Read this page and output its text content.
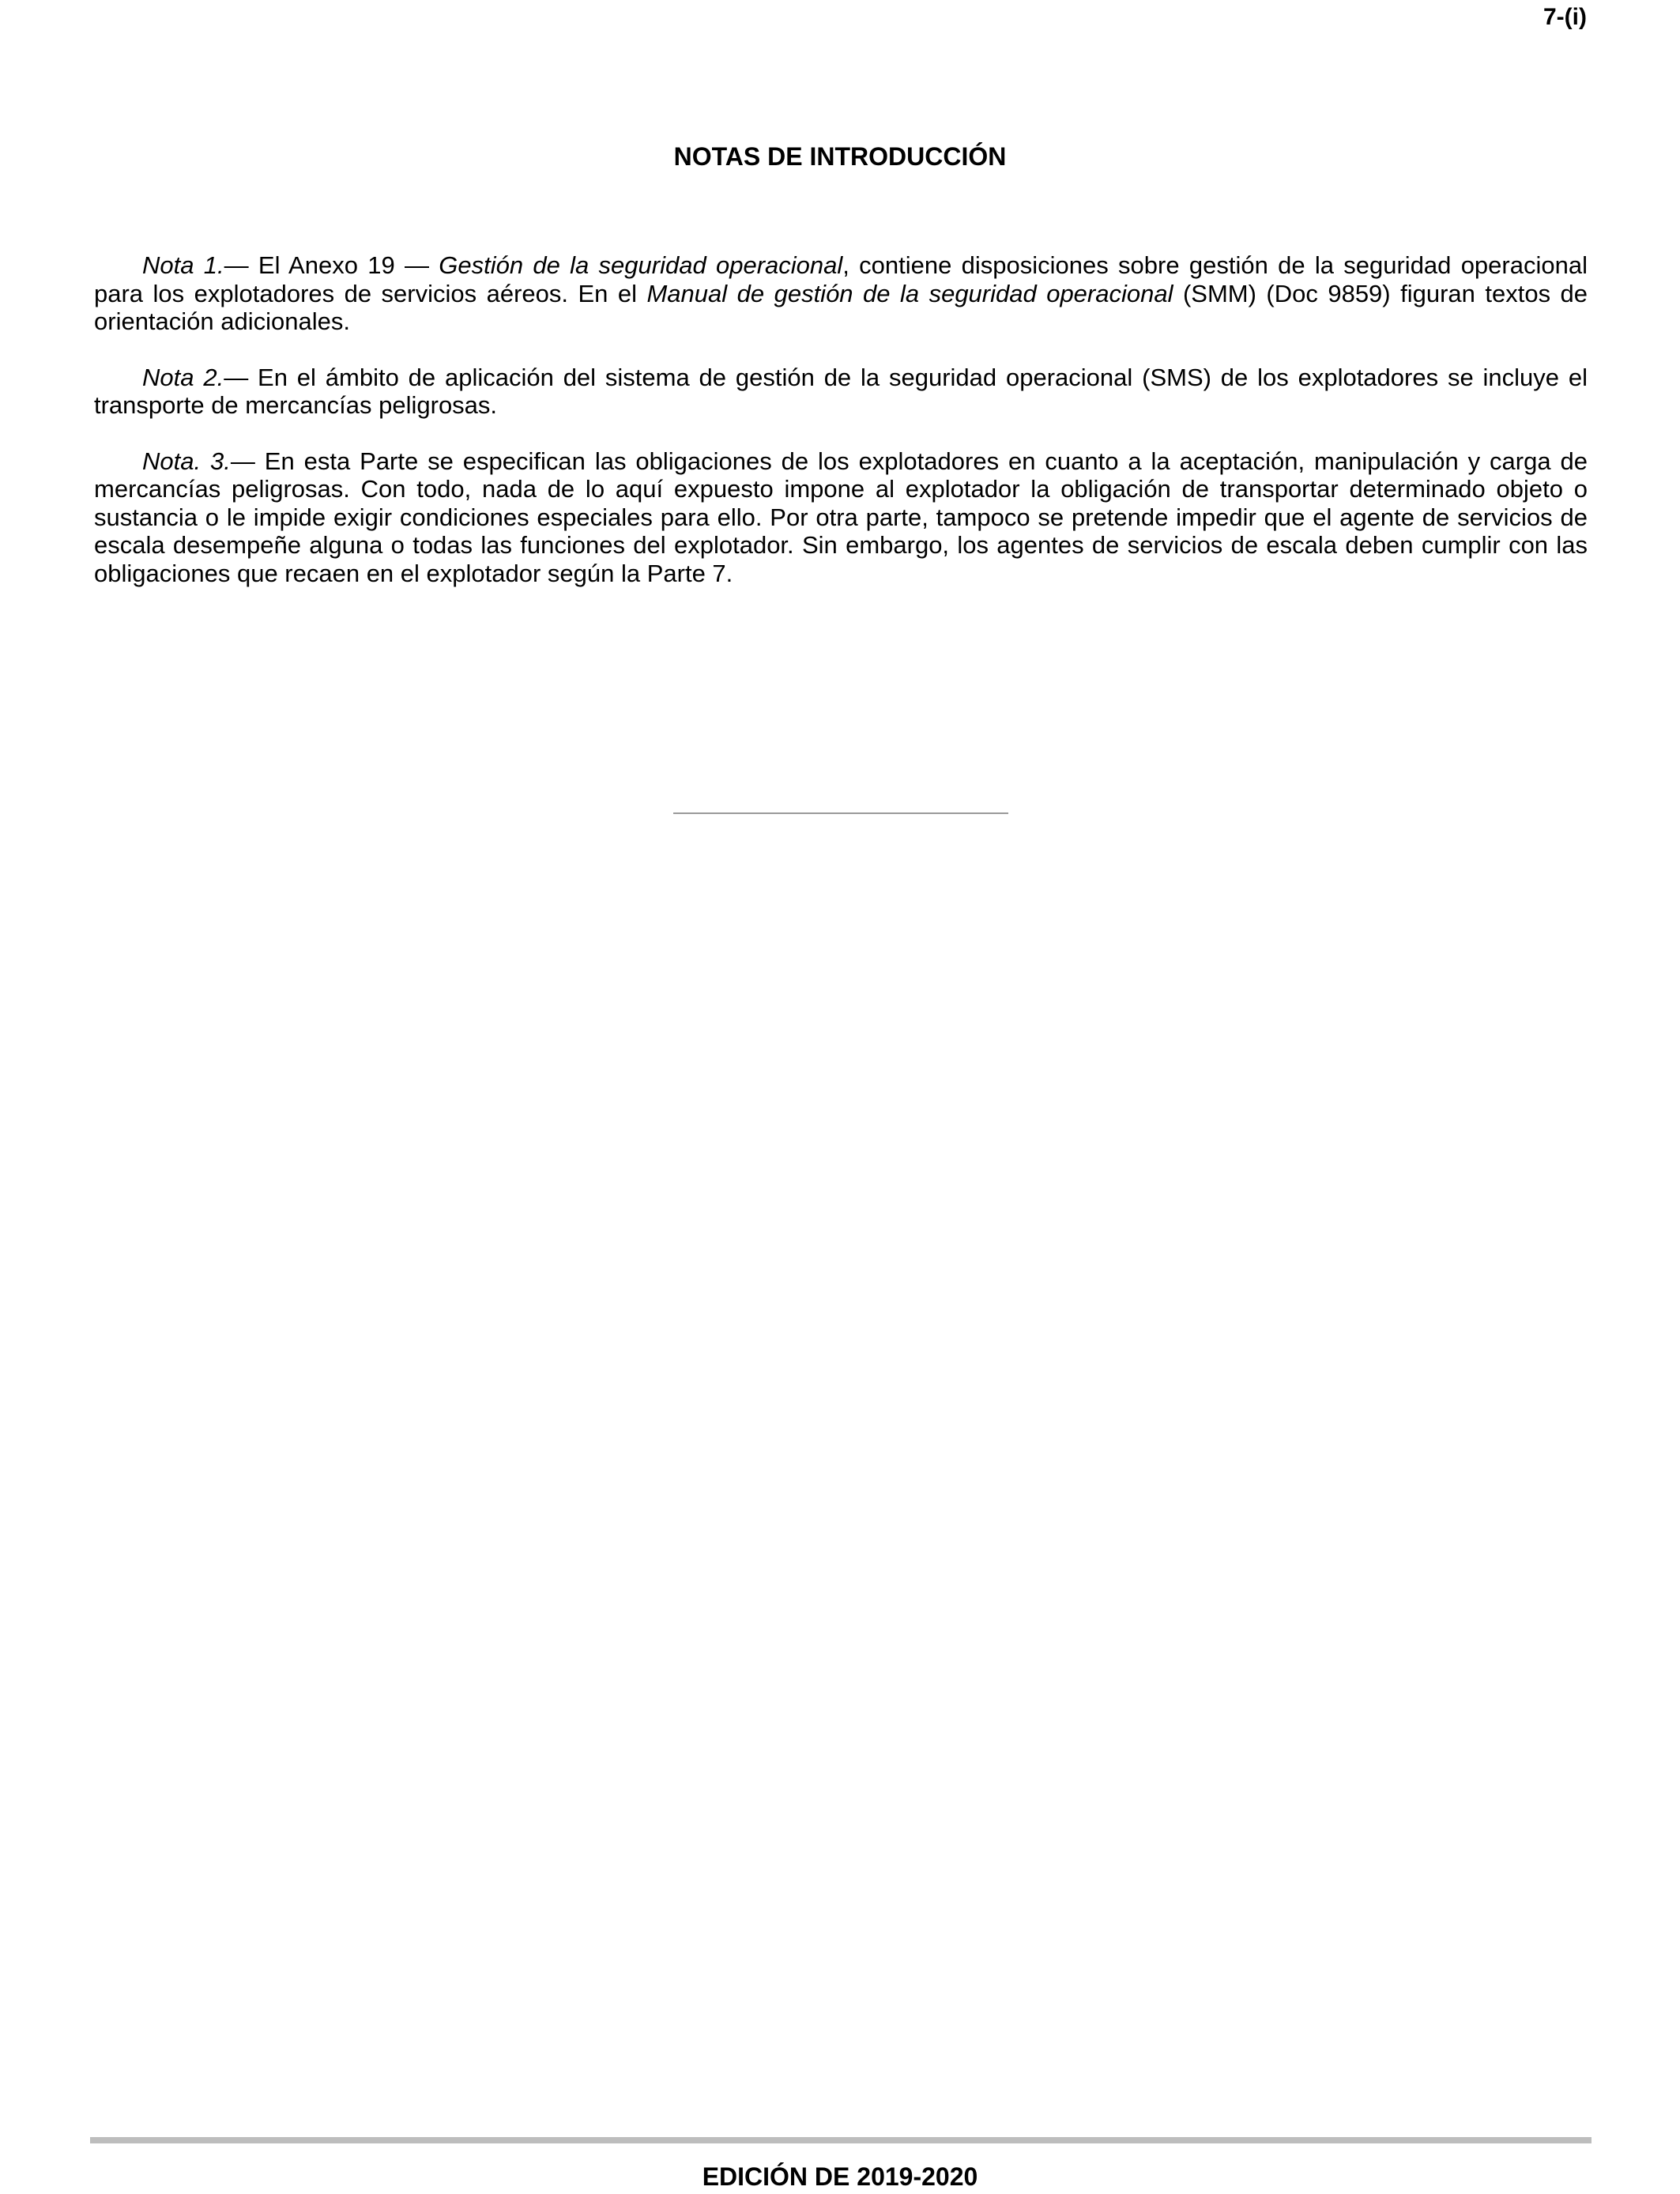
7-(i)
NOTAS DE INTRODUCCIÓN

Nota 1.— El Anexo 19 — Gestión de la seguridad operacional, contiene disposiciones sobre gestión de la seguridad operacional para los explotadores de servicios aéreos. En el Manual de gestión de la seguridad operacional (SMM) (Doc 9859) figuran textos de orientación adicionales.

Nota 2.— En el ámbito de aplicación del sistema de gestión de la seguridad operacional (SMS) de los explotadores se incluye el transporte de mercancías peligrosas.

Nota. 3.— En esta Parte se especifican las obligaciones de los explotadores en cuanto a la aceptación, manipulación y carga de mercancías peligrosas. Con todo, nada de lo aquí expuesto impone al explotador la obligación de transportar determinado objeto o sustancia o le impide exigir condiciones especiales para ello. Por otra parte, tampoco se pretende impedir que el agente de servicios de escala desempeñe alguna o todas las funciones del explotador. Sin embargo, los agentes de servicios de escala deben cumplir con las obligaciones que recaen en el explotador según la Parte 7.

EDICIÓN DE 2019-2020
